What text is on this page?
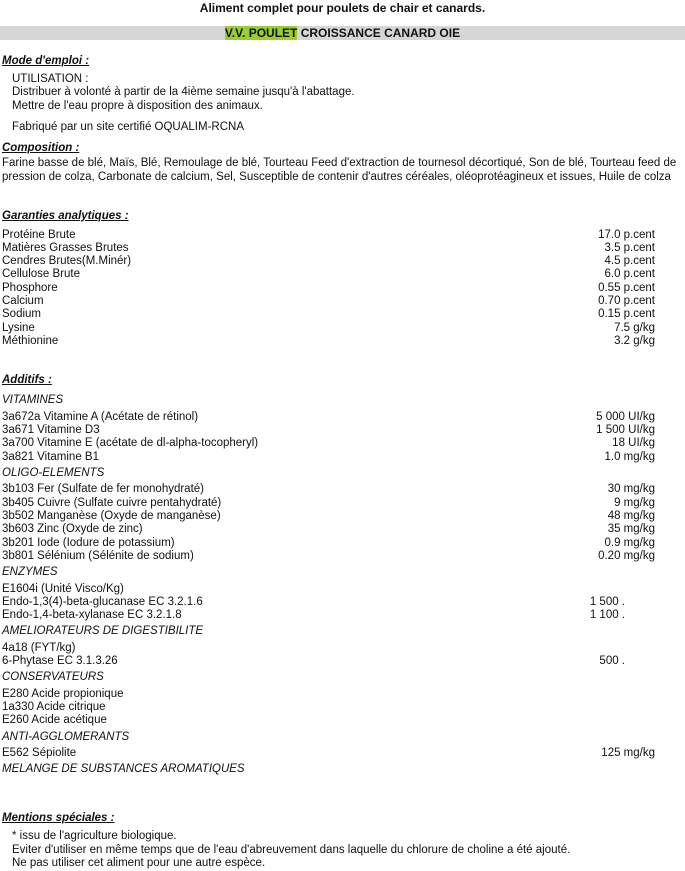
Aliment complet pour poulets de chair et canards.
V.V. POULET CROISSANCE CANARD OIE
Mode d'emploi :
UTILISATION :
Distribuer à volonté à partir de la 4ième semaine jusqu'à l'abattage.
Mettre de l'eau propre à disposition des animaux.
Fabriqué par un site certifié OQUALIM-RCNA
Composition :
Farine basse de blé, Maïs, Blé, Remoulage de blé, Tourteau Feed d'extraction de tournesol décortiqué, Son de blé, Tourteau feed de pression de colza, Carbonate de calcium, Sel, Susceptible de contenir d'autres céréales, oléoprotéagineux et issues, Huile de colza
Garanties analytiques :
Protéine Brute	17.0 p.cent
Matières Grasses Brutes	3.5 p.cent
Cendres Brutes(M.Minér)	4.5 p.cent
Cellulose Brute	6.0 p.cent
Phosphore	0.55 p.cent
Calcium	0.70 p.cent
Sodium	0.15 p.cent
Lysine	7.5 g/kg
Méthionine	3.2 g/kg
Additifs :
VITAMINES
3a672a Vitamine A (Acétate de rétinol)	5 000 UI/kg
3a671 Vitamine D3	1 500 UI/kg
3a700 Vitamine E (acétate de dl-alpha-tocopheryl)	18 UI/kg
3a821 Vitamine B1	1.0 mg/kg
OLIGO-ELEMENTS
3b103 Fer (Sulfate de fer monohydraté)	30 mg/kg
3b405 Cuivre (Sulfate cuivre pentahydraté)	9 mg/kg
3b502 Manganèse (Oxyde de manganèse)	48 mg/kg
3b603 Zinc (Oxyde de zinc)	35 mg/kg
3b201 Iode (Iodure de potassium)	0.9 mg/kg
3b801 Sélénium (Sélénite de sodium)	0.20 mg/kg
ENZYMES
E1604i (Unité Visco/Kg)
Endo-1,3(4)-beta-glucanase EC 3.2.1.6	1 500 .
Endo-1,4-beta-xylanase EC 3.2.1.8	1 100 .
AMELIORATEURS DE DIGESTIBILITE
4a18 (FYT/kg)
6-Phytase EC 3.1.3.26	500 .
CONSERVATEURS
E280 Acide propionique
1a330 Acide citrique
E260 Acide acétique
ANTI-AGGLOMERANTS
E562 Sépiolite	125 mg/kg
MELANGE DE SUBSTANCES AROMATIQUES
Mentions spéciales :
* issu de l'agriculture biologique.
Eviter d'utiliser en même temps que de l'eau d'abreuvement dans laquelle du chlorure de choline a été ajouté.
Ne pas utiliser cet aliment pour une autre espèce.
